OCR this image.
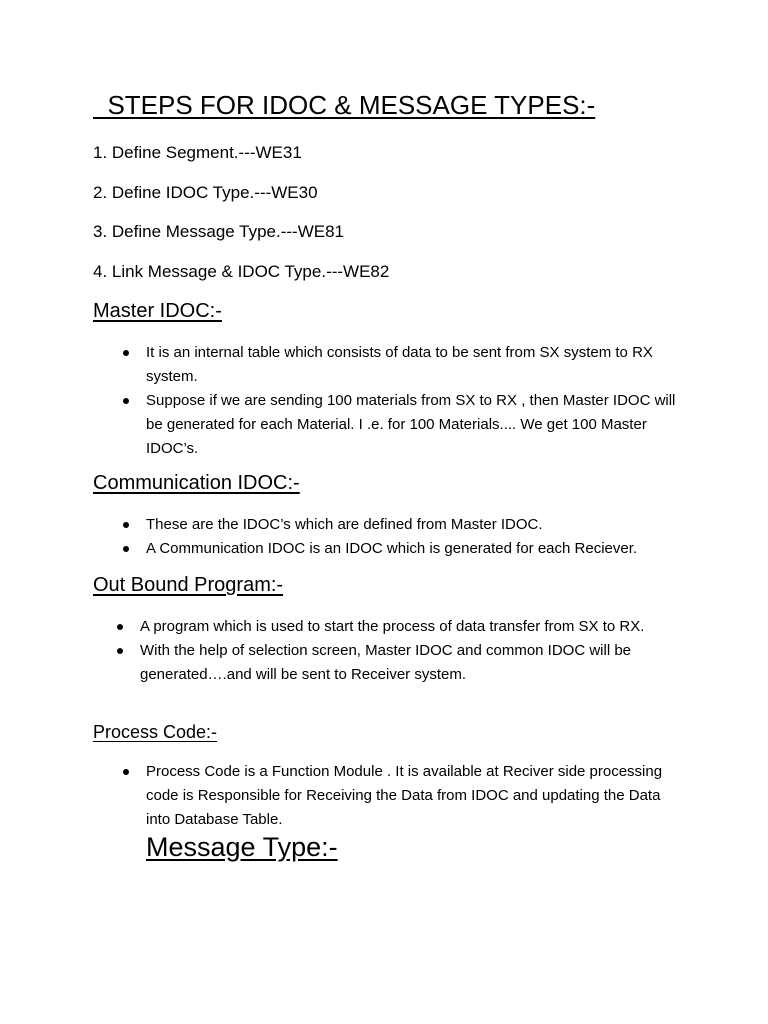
STEPS FOR IDOC & MESSAGE TYPES:-
1. Define Segment.---WE31
2. Define IDOC Type.---WE30
3. Define Message Type.---WE81
4. Link Message & IDOC Type.---WE82
Master IDOC:-
It is an internal table which consists of data to be sent from SX system to RX system.
Suppose if we are sending 100 materials from SX to RX , then Master IDOC will be generated for each Material. I .e. for 100 Materials.... We get 100 Master IDOC’s.
Communication IDOC:-
These are the IDOC’s which are defined from Master IDOC.
A Communication IDOC is an IDOC which is generated for each Reciever.
Out Bound Program:-
A program which is used to start the process of data transfer from SX to RX.
With the help of selection screen, Master IDOC and common IDOC will be generated….and will be sent to Receiver system.
Process Code:-
Process Code is a Function Module . It is available at Reciver side processing code is Responsible for Receiving the Data from IDOC and updating the Data into Database Table.
Message Type:-
